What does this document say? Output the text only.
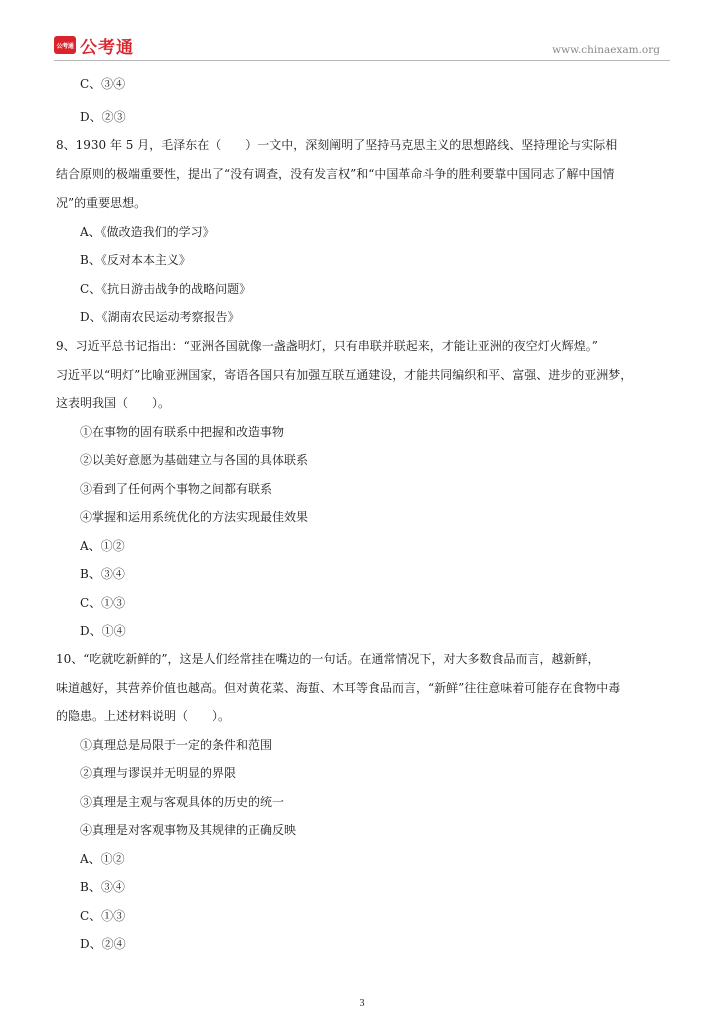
公考通 公考通	www.chinaexam.org
C、③④
D、②③
8、1930 年 5 月，毛泽东在（　　）一文中，深刻阐明了坚持马克思主义的思想路线、坚持理论与实际相
结合原则的极端重要性，提出了“没有调查，没有发言权”和“中国革命斗争的胜利要靠中国同志了解中国情
况”的重要思想。
A、《做改造我们的学习》
B、《反对本本主义》
C、《抗日游击战争的战略问题》
D、《湖南农民运动考察报告》
9、习近平总书记指出：“亚洲各国就像一盏盏明灯，只有串联并联起来，才能让亚洲的夜空灯火辉煌。”
习近平以“明灯”比喻亚洲国家，寄语各国只有加强互联互通建设，才能共同编织和平、富强、进步的亚洲梦，
这表明我国（　　）。
①在事物的固有联系中把握和改造事物
②以美好意愿为基础建立与各国的具体联系
③看到了任何两个事物之间都有联系
④掌握和运用系统优化的方法实现最佳效果
A、①②
B、③④
C、①③
D、①④
10、“吃就吃新鲜的”，这是人们经常挂在嘴边的一句话。在通常情况下，对大多数食品而言，越新鲜，
味道越好，其营养价值也越高。但对黄花菜、海蜇、木耳等食品而言，“新鲜”往往意味着可能存在食物中毒
的隐患。上述材料说明（　　）。
①真理总是局限于一定的条件和范围
②真理与谬误并无明显的界限
③真理是主观与客观具体的历史的统一
④真理是对客观事物及其规律的正确反映
A、①②
B、③④
C、①③
D、②④
3
